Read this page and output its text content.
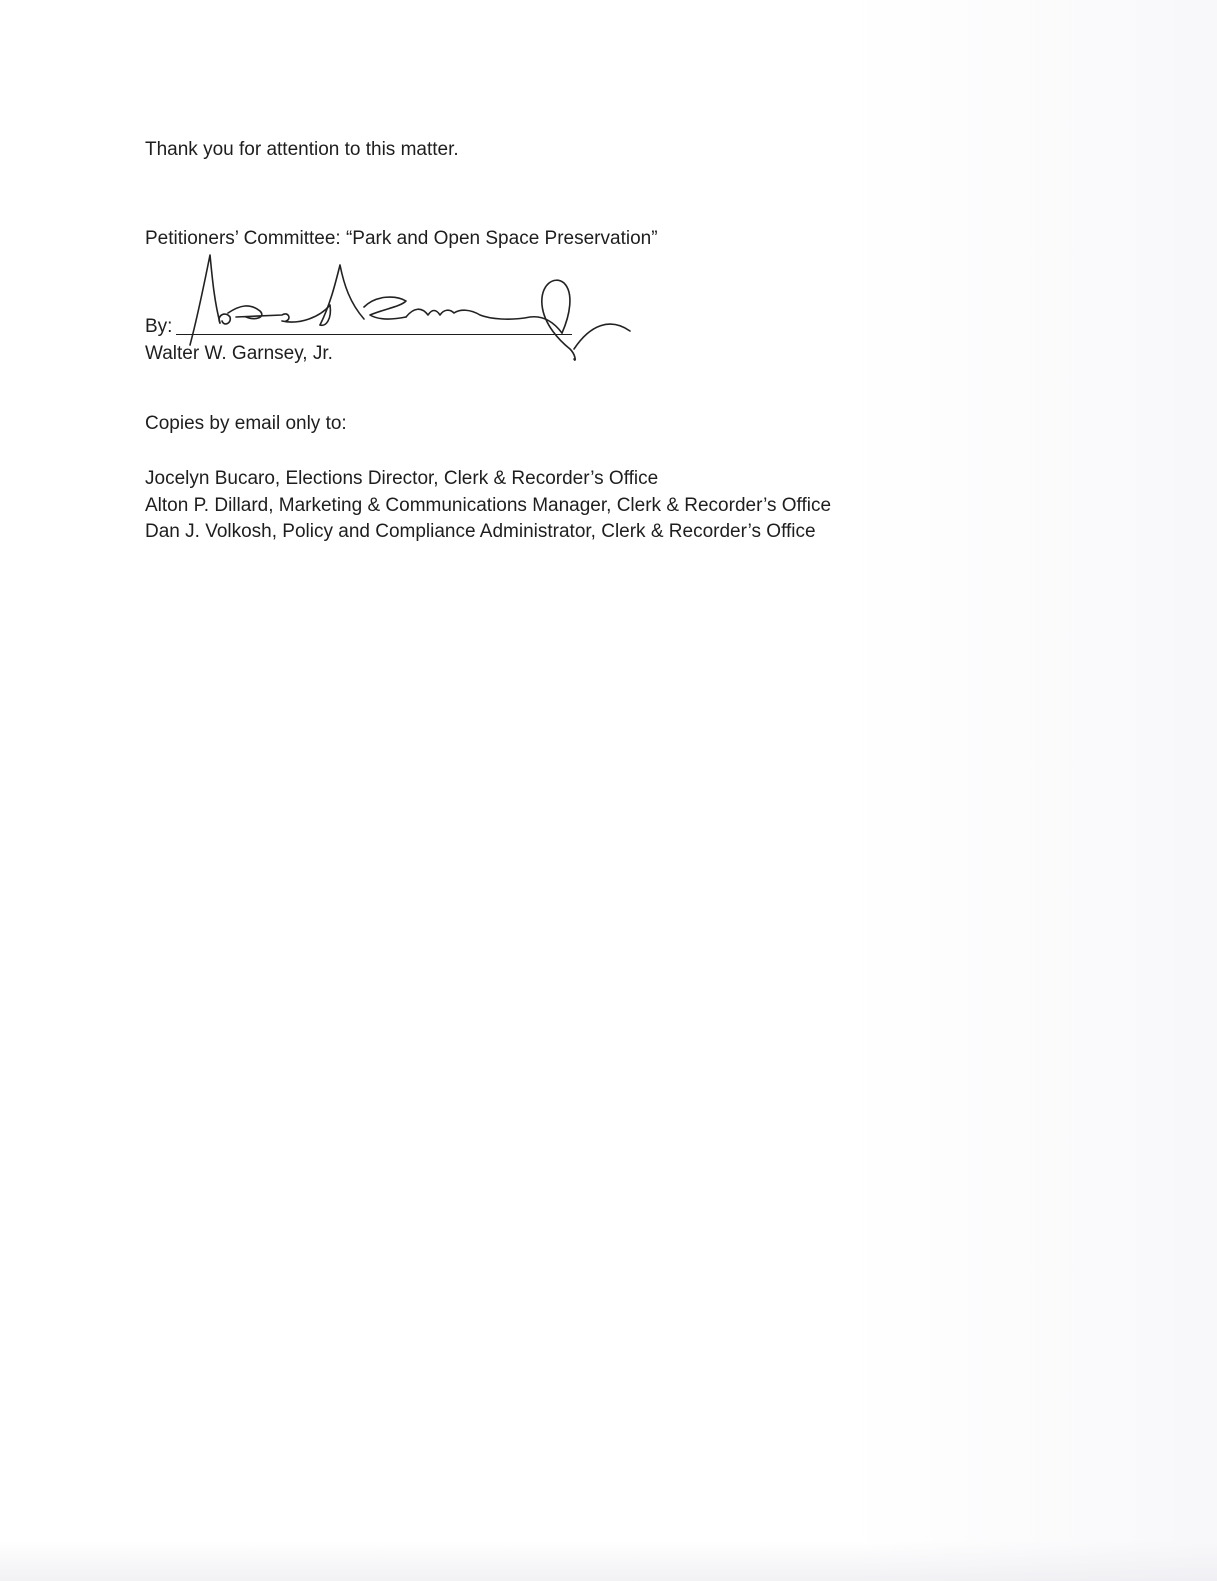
Thank you for attention to this matter.
Petitioners’ Committee: “Park and Open Space Preservation”
By:
Walter W. Garnsey, Jr.
Copies by email only to:
Jocelyn Bucaro, Elections Director, Clerk & Recorder’s Office
Alton P. Dillard, Marketing & Communications Manager, Clerk & Recorder’s Office
Dan J. Volkosh, Policy and Compliance Administrator, Clerk & Recorder’s Office
